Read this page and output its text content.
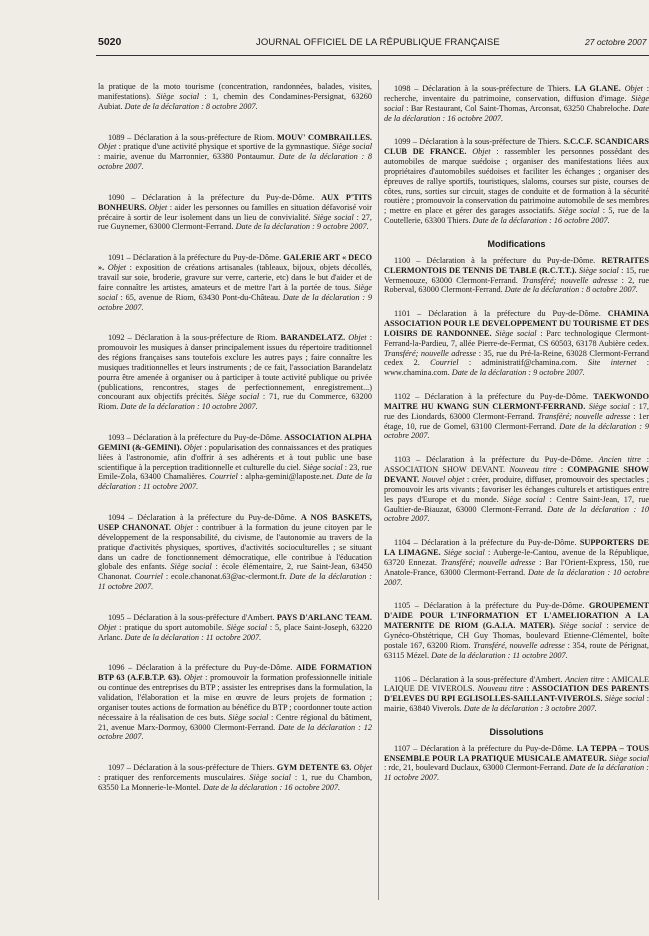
5020	JOURNAL OFFICIEL DE LA RÉPUBLIQUE FRANÇAISE	27 octobre 2007

la pratique de la moto tourisme (concentration, randonnées, balades, visites, manifestations). Siège social : 1, chemin des Condamines-Persignat, 63260 Aubiat. Date de la déclaration : 8 octobre 2007.

1089 – Déclaration à la sous-préfecture de Riom. MOUV' COMBRAILLES. Objet : pratique d'une activité physique et sportive de la gymnastique. Siège social : mairie, avenue du Marronnier, 63380 Pontaumur. Date de la déclaration : 8 octobre 2007.

1090 – Déclaration à la préfecture du Puy-de-Dôme. AUX P'TITS BONHEURS. Objet : aider les personnes ou familles en situation défavorisé voir précaire à sortir de leur isolement dans un lieu de convivialité. Siège social : 27, rue Guynemer, 63000 Clermont-Ferrand. Date de la déclaration : 9 octobre 2007.

1091 – Déclaration à la préfecture du Puy-de-Dôme. GALERIE ART « DECO ». Objet : exposition de créations artisanales (tableaux, bijoux, objets décollés, travail sur soie, broderie, gravure sur verre, carterie, etc) dans le but d'aider et de faire connaître les artistes, amateurs et de mettre l'art à la portée de tous. Siège social : 65, avenue de Riom, 63430 Pont-du-Château. Date de la déclaration : 9 octobre 2007.

1092 – Déclaration à la sous-préfecture de Riom. BARANDELATZ. Objet : promouvoir les musiques à danser principalement issues du répertoire traditionnel des régions françaises sans toutefois exclure les autres pays ; faire connaître les musiques traditionnelles et leurs instruments ; de ce fait, l'association Barandelatz pourra être amenée à organiser ou à participer à toute activité publique ou privée (publications, rencontres, stages de perfectionnement, enregistrement...) concourant aux objectifs précités. Siège social : 71, rue du Commerce, 63200 Riom. Date de la déclaration : 10 octobre 2007.

1093 – Déclaration à la préfecture du Puy-de-Dôme. ASSOCIATION ALPHA GEMINI (&-GEMINI). Objet : popularisation des connaissances et des pratiques liées à l'astronomie, afin d'offrir à ses adhérents et à tout public une base scientifique à la perception traditionnelle et culturelle du ciel. Siège social : 23, rue Emile-Zola, 63400 Chamalières. Courriel : alpha-gemini@laposte.net. Date de la déclaration : 11 octobre 2007.

1094 – Déclaration à la préfecture du Puy-de-Dôme. A NOS BASKETS, USEP CHANONAT. Objet : contribuer à la formation du jeune citoyen par le développement de la responsabilité, du civisme, de l'autonomie au travers de la pratique d'activités physiques, sportives, d'activités socioculturelles ; se situant dans un cadre de fonctionnement démocratique, elle contribue à l'éducation globale des enfants. Siège social : école élémentaire, 2, rue Saint-Jean, 63450 Chanonat. Courriel : ecole.chanonat.63@ac-clermont.fr. Date de la déclaration : 11 octobre 2007.

1095 – Déclaration à la sous-préfecture d'Ambert. PAYS D'ARLANC TEAM. Objet : pratique du sport automobile. Siège social : 5, place Saint-Joseph, 63220 Arlanc. Date de la déclaration : 11 octobre 2007.

1096 – Déclaration à la préfecture du Puy-de-Dôme. AIDE FORMATION BTP 63 (A.F.B.T.P. 63). Objet : promouvoir la formation professionnelle initiale ou continue des entreprises du BTP ; assister les entreprises dans la formulation, la validation, l'élaboration et la mise en œuvre de leurs projets de formation ; organiser toutes actions de formation au bénéfice du BTP ; coordonner toute action nécessaire à la réalisation de ces buts. Siège social : Centre régional du bâtiment, 21, avenue Marx-Dormoy, 63000 Clermont-Ferrand. Date de la déclaration : 12 octobre 2007.

1097 – Déclaration à la sous-préfecture de Thiers. GYM DETENTE 63. Objet : pratiquer des renforcements musculaires. Siège social : 1, rue du Chambon, 63550 La Monnerie-le-Montel. Date de la déclaration : 16 octobre 2007.

1098 – Déclaration à la sous-préfecture de Thiers. LA GLANE. Objet : recherche, inventaire du patrimoine, conservation, diffusion d'image. Siège social : Bar Restaurant, Col Saint-Thomas, Arconsat, 63250 Chabreloche. Date de la déclaration : 16 octobre 2007.

1099 – Déclaration à la sous-préfecture de Thiers. S.C.C.F. SCANDICARS CLUB DE FRANCE. Objet : rassembler les personnes possédant des automobiles de marque suédoise ; organiser des manifestations liées aux propriétaires d'automobiles suédoises et faciliter les échanges ; organiser des épreuves de rallye sportifs, touristiques, slaloms, courses sur piste, courses de côtes, runs, sorties sur circuit, stages de conduite et de formation à la sécurité routière ; promouvoir la conservation du patrimoine automobile de ses membres ; mettre en place et gérer des garages associatifs. Siège social : 5, rue de la Coutellerie, 63300 Thiers. Date de la déclaration : 16 octobre 2007.

Modifications

1100 – Déclaration à la préfecture du Puy-de-Dôme. RETRAITES CLERMONTOIS DE TENNIS DE TABLE (R.C.T.T.). Siège social : 15, rue Vermenouze, 63000 Clermont-Ferrand. Transféré; nouvelle adresse : 2, rue Roberval, 63000 Clermont-Ferrand. Date de la déclaration : 8 octobre 2007.

1101 – Déclaration à la préfecture du Puy-de-Dôme. CHAMINA ASSOCIATION POUR LE DEVELOPPEMENT DU TOURISME ET DES LOISIRS DE RANDONNEE. Siège social : Parc technologique Clermont-Ferrand-la-Pardieu, 7, allée Pierre-de-Fermat, CS 60503, 63178 Aubière cedex. Transféré; nouvelle adresse : 35, rue du Pré-la-Reine, 63028 Clermont-Ferrand cedex 2. Courriel : administratif@chamina.com. Site internet : www.chamina.com. Date de la déclaration : 9 octobre 2007.

1102 – Déclaration à la préfecture du Puy-de-Dôme. TAEKWONDO MAITRE HU KWANG SUN CLERMONT-FERRAND. Siège social : 17, rue des Liondards, 63000 Clermont-Ferrand. Transféré; nouvelle adresse : 1er étage, 10, rue de Gomel, 63100 Clermont-Ferrand. Date de la déclaration : 9 octobre 2007.

1103 – Déclaration à la préfecture du Puy-de-Dôme. Ancien titre : ASSOCIATION SHOW DEVANT. Nouveau titre : COMPAGNIE SHOW DEVANT. Nouvel objet : créer, produire, diffuser, promouvoir des spectacles ; promouvoir les arts vivants ; favoriser les échanges culturels et artistiques entre les pays d'Europe et du monde. Siège social : Centre Saint-Jean, 17, rue Gaultier-de-Biauzat, 63000 Clermont-Ferrand. Date de la déclaration : 10 octobre 2007.

1104 – Déclaration à la préfecture du Puy-de-Dôme. SUPPORTERS DE LA LIMAGNE. Siège social : Auberge-le-Cantou, avenue de la République, 63720 Ennezat. Transféré; nouvelle adresse : Bar l'Orient-Express, 150, rue Anatole-France, 63000 Clermont-Ferrand. Date de la déclaration : 10 octobre 2007.

1105 – Déclaration à la préfecture du Puy-de-Dôme. GROUPEMENT D'AIDE POUR L'INFORMATION ET L'AMELIORATION A LA MATERNITE DE RIOM (G.A.I.A. MATER). Siège social : service de Gynéco-Obstétrique, CH Guy Thomas, boulevard Etienne-Clémentel, boîte postale 167, 63200 Riom. Transféré, nouvelle adresse : 354, route de Pérignat, 63115 Mézel. Date de la déclaration : 11 octobre 2007.

1106 – Déclaration à la sous-préfecture d'Ambert. Ancien titre : AMICALE LAIQUE DE VIVEROLS. Nouveau titre : ASSOCIATION DES PARENTS D'ELEVES DU RPI EGLISOLLES-SAILLANT-VIVEROLS. Siège social : mairie, 63840 Viverols. Date de la déclaration : 3 octobre 2007.

Dissolutions

1107 – Déclaration à la préfecture du Puy-de-Dôme. LA TEPPA – TOUS ENSEMBLE POUR LA PRATIQUE MUSICALE AMATEUR. Siège social : rdc, 21, boulevard Duclaux, 63000 Clermont-Ferrand. Date de la déclaration : 11 octobre 2007.
